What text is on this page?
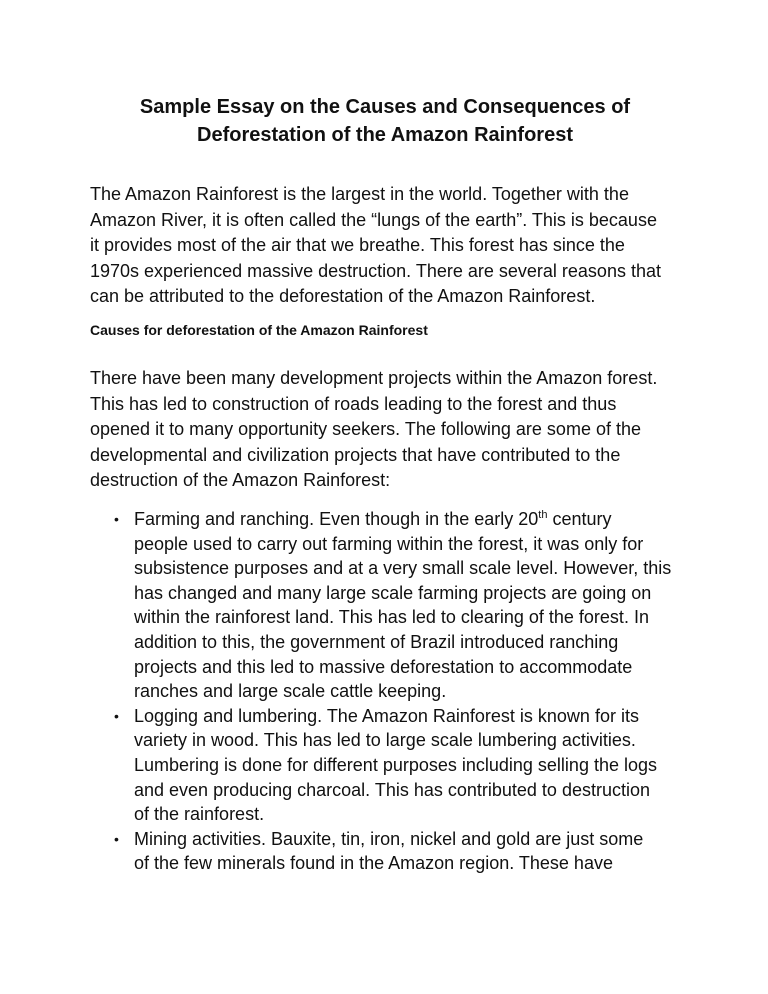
Sample Essay on the Causes and Consequences of
Deforestation of the Amazon Rainforest
The Amazon Rainforest is the largest in the world. Together with the
Amazon River, it is often called the “lungs of the earth”. This is because
it provides most of the air that we breathe. This forest has since the
1970s experienced massive destruction. There are several reasons that
can be attributed to the deforestation of the Amazon Rainforest.
Causes for deforestation of the Amazon Rainforest
There have been many development projects within the Amazon forest.
This has led to construction of roads leading to the forest and thus
opened it to many opportunity seekers. The following are some of the
developmental and civilization projects that have contributed to the
destruction of the Amazon Rainforest:
• Farming and ranching. Even though in the early 20th century
people used to carry out farming within the forest, it was only for
subsistence purposes and at a very small scale level. However, this
has changed and many large scale farming projects are going on
within the rainforest land. This has led to clearing of the forest. In
addition to this, the government of Brazil introduced ranching
projects and this led to massive deforestation to accommodate
ranches and large scale cattle keeping.
• Logging and lumbering. The Amazon Rainforest is known for its
variety in wood. This has led to large scale lumbering activities.
Lumbering is done for different purposes including selling the logs
and even producing charcoal. This has contributed to destruction
of the rainforest.
• Mining activities. Bauxite, tin, iron, nickel and gold are just some
of the few minerals found in the Amazon region. These have
